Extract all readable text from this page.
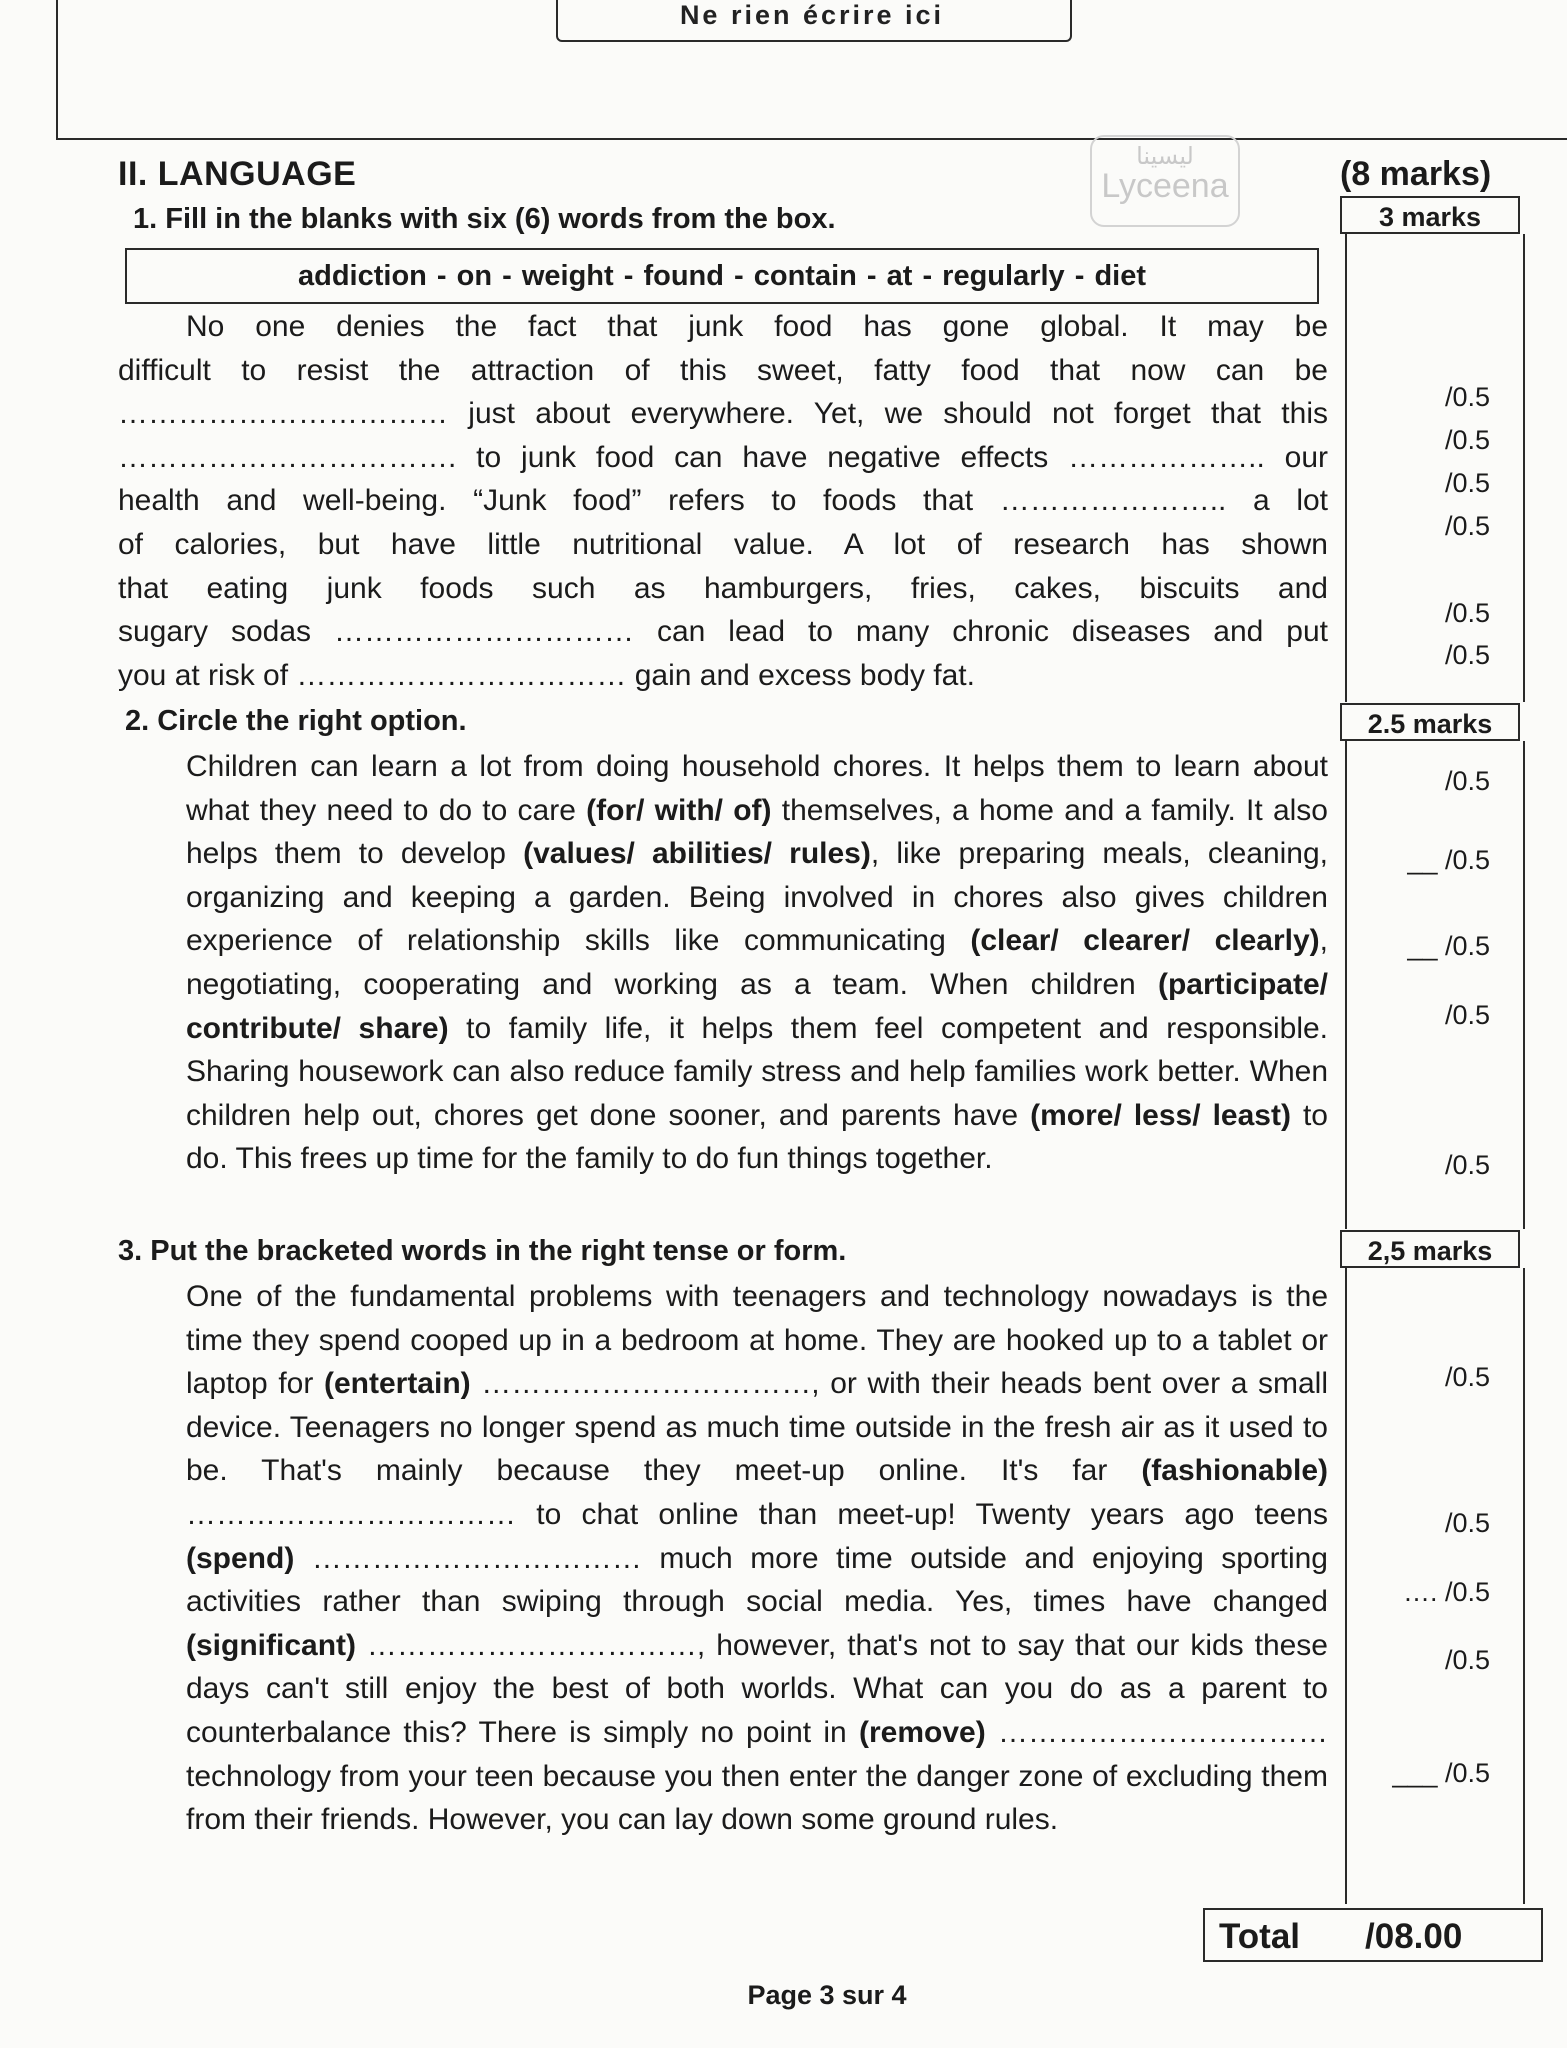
Ne rien écrire ici
II. LANGUAGE	(8 marks)
ليسينا
Lyceena
1. Fill in the blanks with six (6) words from the box.
addiction - on - weight - found - contain - at - regularly - diet

No one denies the fact that junk food has gone global. It may be

difficult to resist the attraction of this sweet, fatty food that now can be

…………………………… just about everywhere. Yet, we should not forget that this

……………………………. to junk food can have negative effects ……………….. our

health and well-being. “Junk food” refers to foods that ………………….. a lot

of calories, but have little nutritional value. A lot of research has shown

that eating junk foods such as hamburgers, fries, cakes, biscuits and

sugary sodas ………………………… can lead to many chronic diseases and put

you at risk of …………………………… gain and excess body fat.

3 marks
/0.5
/0.5
/0.5
/0.5
/0.5
/0.5
2. Circle the right option.

Children can learn a lot from doing household chores. It helps them to learn about what they need to do to care (for/ with/ of) themselves, a home and a family. It also helps them to develop (values/ abilities/ rules), like preparing meals, cleaning, organizing and keeping a garden. Being involved in chores also gives children experience of relationship skills like communicating (clear/ clearer/ clearly), negotiating, cooperating and working as a team. When children (participate/ contribute/ share) to family life, it helps them feel competent and responsible. Sharing housework can also reduce family stress and help families work better. When children help out, chores get done sooner, and parents have (more/ less/ least) to do. This frees up time for the family to do fun things together.

2.5 marks
/0.5
__ /0.5
__ /0.5
/0.5
/0.5
3. Put the bracketed words in the right tense or form.

One of the fundamental problems with teenagers and technology nowadays is the time they spend cooped up in a bedroom at home. They are hooked up to a tablet or laptop for (entertain) ……………………………, or with their heads bent over a small device. Teenagers no longer spend as much time outside in the fresh air as it used to be. That's mainly because they meet-up online. It's far (fashionable) …………………………… to chat online than meet-up! Twenty years ago teens (spend) …………………………… much more time outside and enjoying sporting activities rather than swiping through social media. Yes, times have changed (significant) ……………………………, however, that's not to say that our kids these days can't still enjoy the best of both worlds. What can you do as a parent to counterbalance this? There is simply no point in (remove) …………………………… technology from your teen because you then enter the danger zone of excluding them from their friends. However, you can lay down some ground rules.

2,5 marks
/0.5
/0.5
…. /0.5
/0.5
___ /0.5
Total /08.00
Page 3 sur 4
